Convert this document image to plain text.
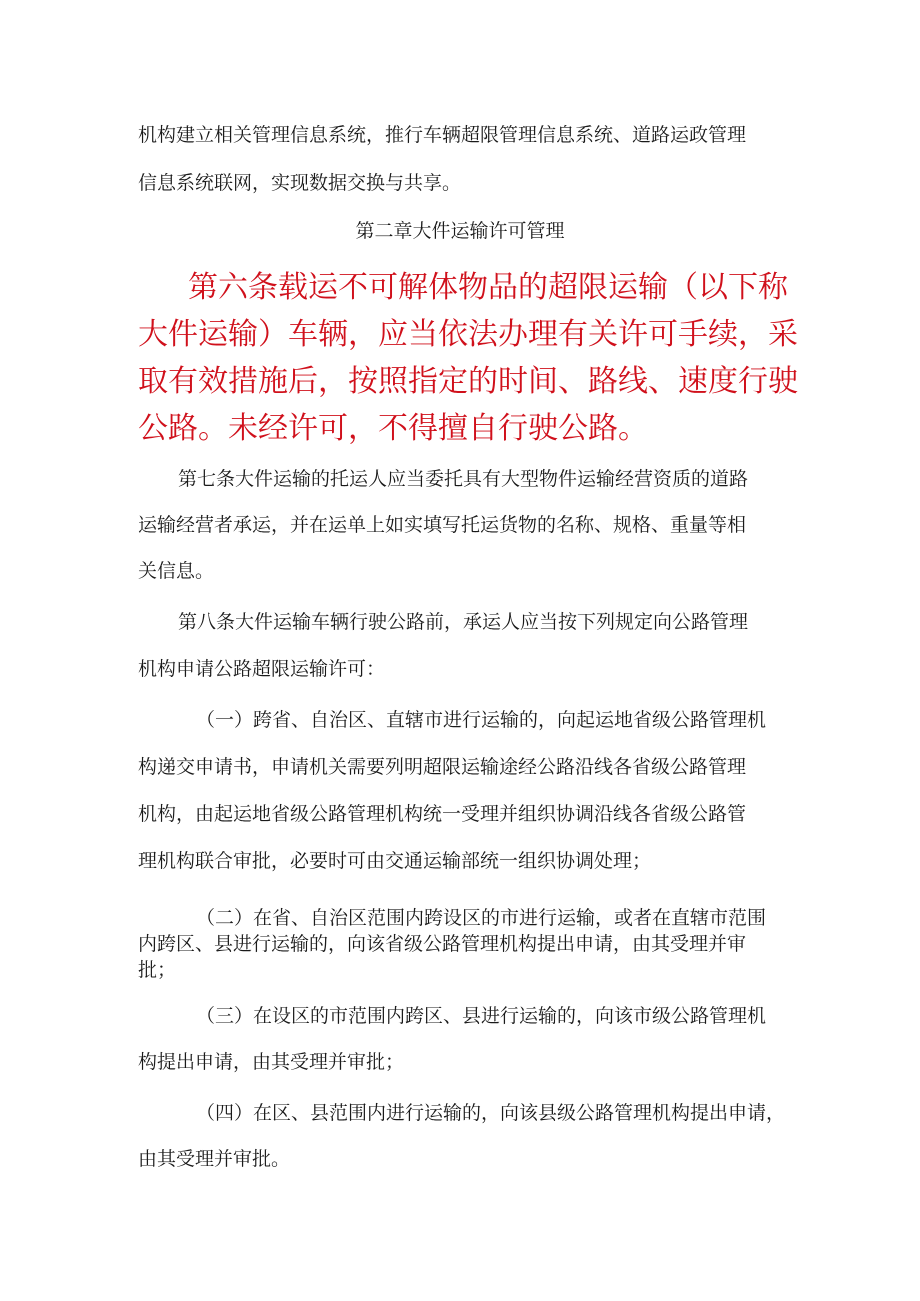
机构建立相关管理信息系统，推行车辆超限管理信息系统、道路运政管理
信息系统联网，实现数据交换与共享。
第二章大件运输许可管理
第六条载运不可解体物品的超限运输（以下称
大件运输）车辆，应当依法办理有关许可手续，采
取有效措施后，按照指定的时间、路线、速度行驶
公路。未经许可，不得擅自行驶公路。
第七条大件运输的托运人应当委托具有大型物件运输经营资质的道路
运输经营者承运，并在运单上如实填写托运货物的名称、规格、重量等相
关信息。
第八条大件运输车辆行驶公路前，承运人应当按下列规定向公路管理
机构申请公路超限运输许可：
（一）跨省、自治区、直辖市进行运输的，向起运地省级公路管理机
构递交申请书，申请机关需要列明超限运输途经公路沿线各省级公路管理
机构，由起运地省级公路管理机构统一受理并组织协调沿线各省级公路管
理机构联合审批，必要时可由交通运输部统一组织协调处理；
（二）在省、自治区范围内跨设区的市进行运输，或者在直辖市范围
内跨区、县进行运输的，向该省级公路管理机构提出申请，由其受理并审
批；
（三）在设区的市范围内跨区、县进行运输的，向该市级公路管理机
构提出申请，由其受理并审批；
（四）在区、县范围内进行运输的，向该县级公路管理机构提出申请，
由其受理并审批。
